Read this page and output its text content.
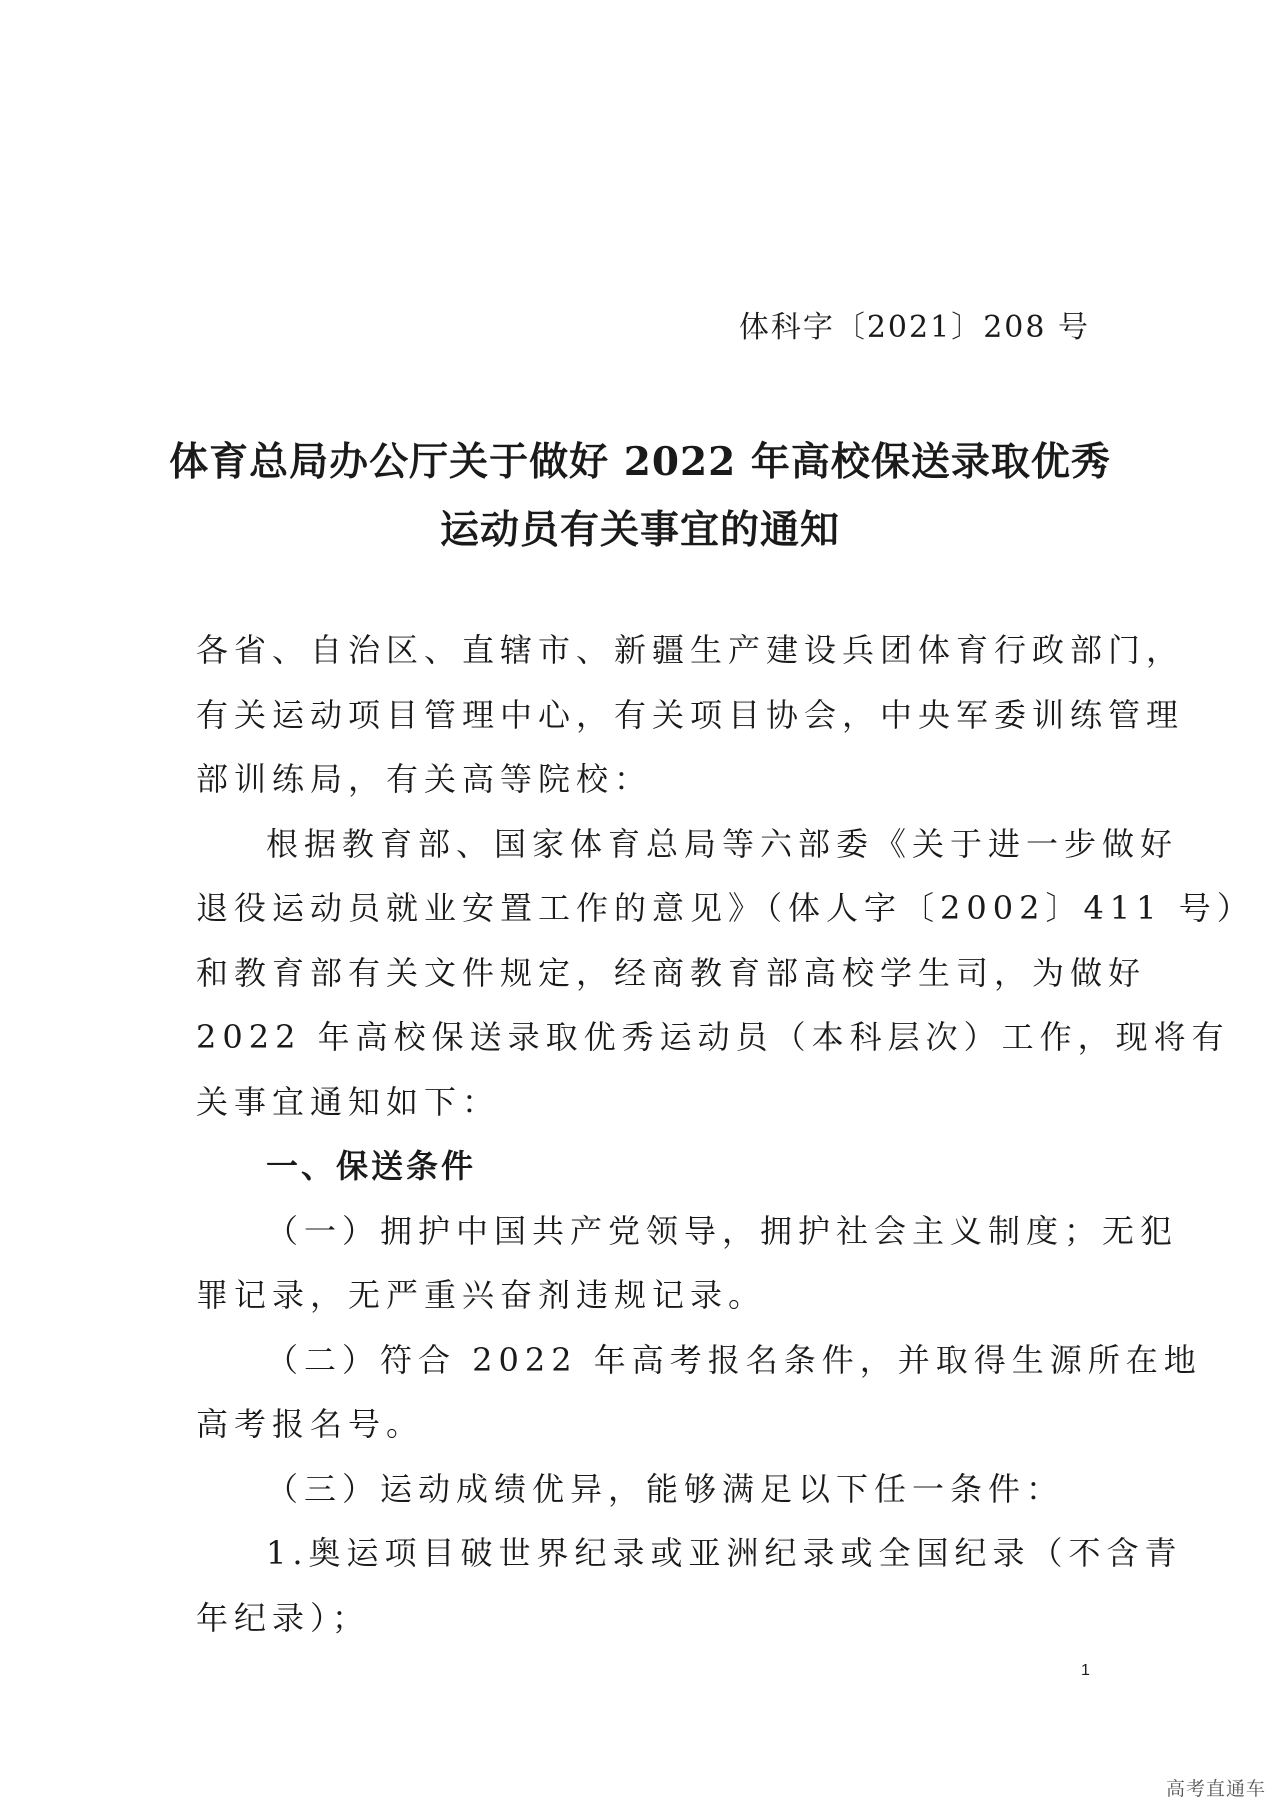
体科字〔2021〕208 号
体育总局办公厅关于做好 2022 年高校保送录取优秀
运动员有关事宜的通知
各省、自治区、直辖市、新疆生产建设兵团体育行政部门，
有关运动项目管理中心，有关项目协会，中央军委训练管理
部训练局，有关高等院校：
根据教育部、国家体育总局等六部委《关于进一步做好
退役运动员就业安置工作的意见》（体人字〔2002〕411 号）
和教育部有关文件规定，经商教育部高校学生司，为做好
2022 年高校保送录取优秀运动员（本科层次）工作，现将有
关事宜通知如下：
一、保送条件
（一）拥护中国共产党领导，拥护社会主义制度；无犯
罪记录，无严重兴奋剂违规记录。
（二）符合 2022 年高考报名条件，并取得生源所在地
高考报名号。
（三）运动成绩优异，能够满足以下任一条件：
1.奥运项目破世界纪录或亚洲纪录或全国纪录（不含青
年纪录）；
1
高考直通车
